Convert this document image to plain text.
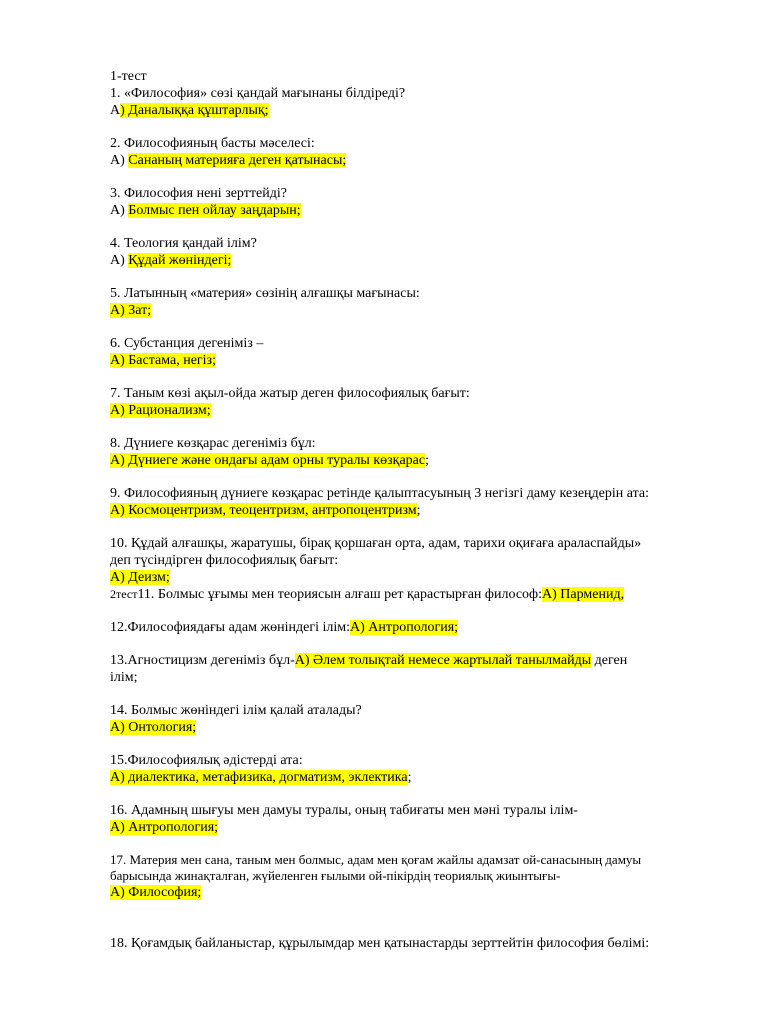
1-тест
1. «Философия» сөзі қандай мағынаны білдіреді?
А) Даналыққа құштарлық;
2. Философияның басты мәселесі:
А) Сананың материяға деген қатынасы;
3. Философия нені зерттейді?
А) Болмыс пен ойлау заңдарын;
4. Теология қандай ілім?
А) Құдай жөніндегі;
5. Латынның «материя» сөзінің алғашқы мағынасы:
А) Зат;
6. Субстанция дегеніміз –
А) Бастама, негіз;
7. Таным көзі ақыл-ойда жатыр деген философиялық бағыт:
А) Рационализм;
8. Дүниеге көзқарас дегеніміз бұл:
А) Дүниеге және ондағы адам орны туралы көзқарас;
9. Философияның дүниеге көзқарас ретінде қалыптасуының 3 негізгі даму кезеңдерін ата:
А) Космоцентризм, теоцентризм, антропоцентризм;
10. Құдай алғашқы, жаратушы, бірақ қоршаған орта, адам, тарихи оқиғаға араласпайды»
деп түсіндірген философиялық бағыт:
А) Деизм;
2тест11. Болмыс ұғымы мен теориясын алғаш рет қарастырған философ:А) Парменид,
12.Философиядағы адам жөніндегі ілім:А) Антропология;
13.Агностицизм дегеніміз бұл-А) Әлем толықтай немесе жартылай танылмайды деген
ілім;
14. Болмыс жөніндегі ілім қалай аталады?
А) Онтология;
15.Философиялық әдістерді ата:
А) диалектика, метафизика, догматизм, эклектика;
16. Адамның шығуы мен дамуы туралы, оның табиғаты мен мәні туралы ілім-
А) Антропология;
17. Материя мен сана, таным мен болмыс, адам мен қоғам жайлы адамзат ой-санасының дамуы
барысында жинақталған, жүйеленген ғылыми ой-пікірдің теориялық жиынтығы-
А) Философия;
18. Қоғамдық байланыстар, құрылымдар мен қатынастарды зерттейтін философия бөлімі:
